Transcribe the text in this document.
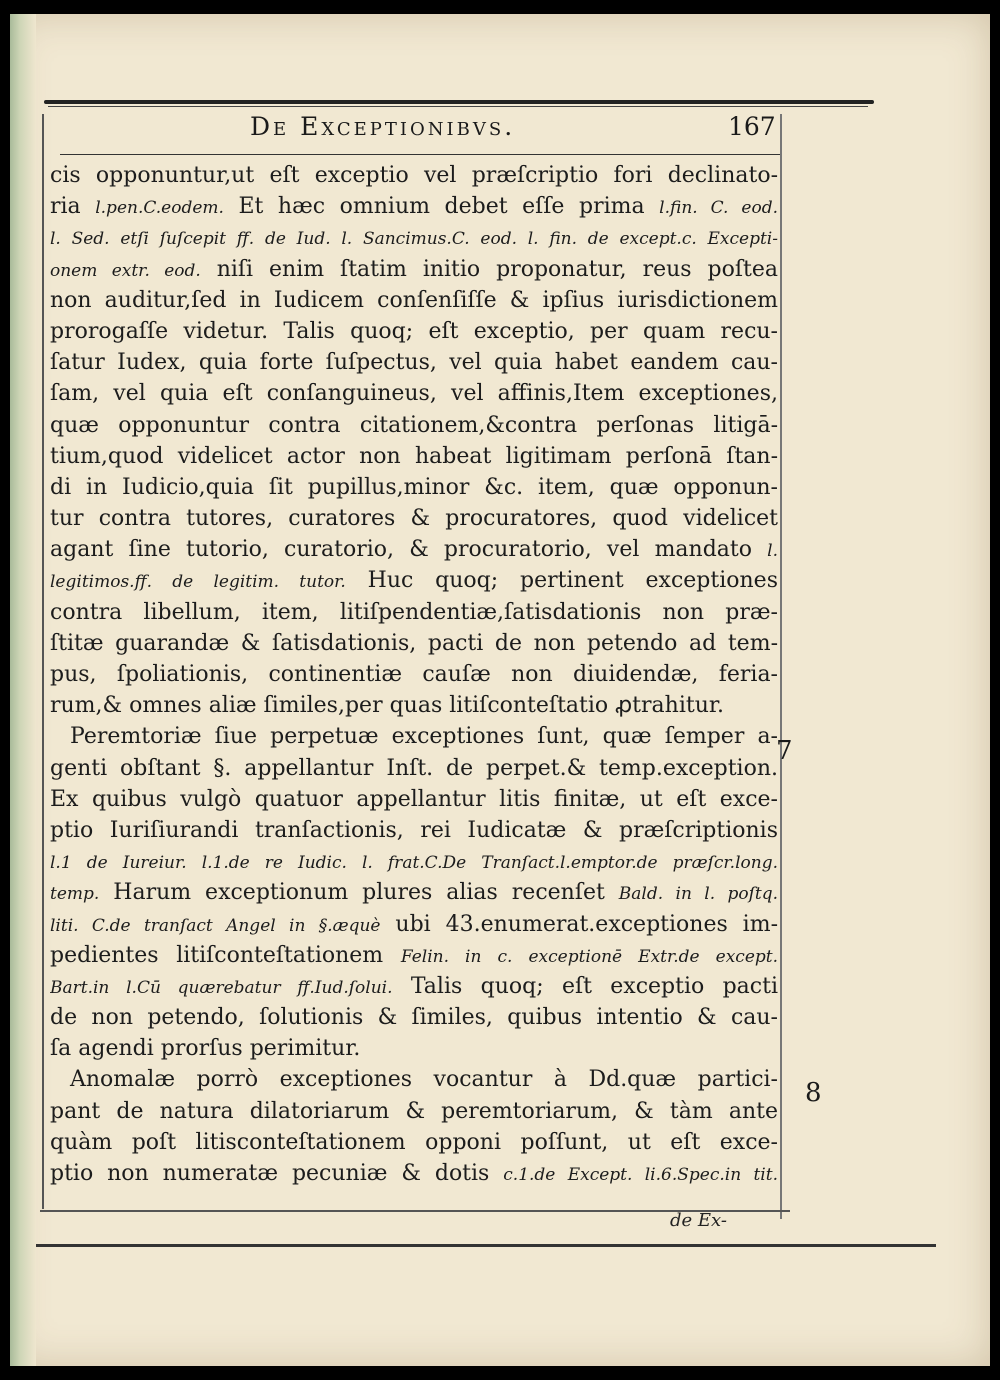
De Exceptionibvs.	167
cis opponuntur,ut eſt exceptio vel præſcriptio fori declinato-
ria l.pen.C.eodem. Et hæc omnium debet eſſe prima l.fin. C. eod.
l. Sed. etſi ſuſcepit ff. de Iud. l. Sancimus.C. eod. l. fin. de except.c. Excepti-
onem extr. eod. niſi enim ſtatim initio proponatur, reus poſtea
non auditur,ſed in Iudicem conſenſiſſe & ipſius iurisdictionem
prorogaſſe videtur. Talis quoq; eſt exceptio, per quam recu-
ſatur Iudex, quia forte ſuſpectus, vel quia habet eandem cau-
ſam, vel quia eſt conſanguineus, vel affinis,Item exceptiones,
quæ opponuntur contra citationem,&contra perſonas litigā-
tium,quod videlicet actor non habeat ligitimam perſonā ſtan-
di in Iudicio,quia ſit pupillus,minor &c. item, quæ opponun-
tur contra tutores, curatores & procuratores, quod videlicet
agant ſine tutorio, curatorio, & procuratorio, vel mandato l.
legitimos.ff. de legitim. tutor. Huc quoq; pertinent exceptiones
contra libellum, item, litiſpendentiæ,ſatisdationis non præ-
ſtitæ guarandæ & ſatisdationis, pacti de non petendo ad tem-
pus, ſpoliationis, continentiæ cauſæ non diuidendæ, feria-
rum,& omnes aliæ ſimiles,per quas litiſconteſtatio ꝓtrahitur.
Peremtoriæ ſiue perpetuæ exceptiones ſunt, quæ ſemper a-
genti obſtant §. appellantur Inſt. de perpet.& temp.exception.
Ex quibus vulgò quatuor appellantur litis finitæ, ut eſt exce-
ptio Iuriſiurandi tranſactionis, rei Iudicatæ & præſcriptionis
l.1 de Iureiur. l.1.de re Iudic. l. frat.C.De Tranſact.l.emptor.de præſcr.long.
temp. Harum exceptionum plures alias recenſet Bald. in l. poſtq.
liti. C.de tranſact Angel in §.æquè ubi 43.enumerat.exceptiones im-
pedientes litiſconteſtationem Felin. in c. exceptionē Extr.de except.
Bart.in l.Cū quærebatur ff.Iud.ſolui. Talis quoq; eſt exceptio pacti
de non petendo, ſolutionis & ſimiles, quibus intentio & cau-
ſa agendi prorſus perimitur.
Anomalæ porrò exceptiones vocantur à Dd.quæ partici-
pant de natura dilatoriarum & peremtoriarum, & tàm ante
quàm poſt litisconteſtationem opponi poſſunt, ut eſt exce-
ptio non numeratæ pecuniæ & dotis c.1.de Except. li.6.Spec.in tit.
7
8
de Ex-
